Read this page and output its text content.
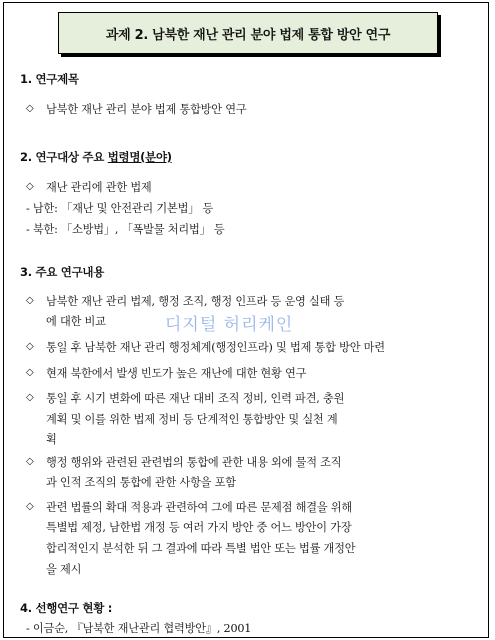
과제 2. 남북한 재난 관리 분야 법제 통합 방안 연구
1. 연구제목
◇ 남북한 재난 관리 분야 법제 통합방안 연구
2. 연구대상 주요 법령명(분야)
◇ 재난 관리에 관한 법제
- 남한: 「재난 및 안전관리 기본법」 등
- 북한: 「소방법」, 「폭발물 처리법」 등
3. 주요 연구내용
◇ 남북한 재난 관리 법제, 행정 조직, 행정 인프라 등 운영 실태 등
에 대한 비교	디지털 허리케인
◇ 통일 후 남북한 재난 관리 행정체계(행정인프라) 및 법제 통합 방안 마련
◇ 현재 북한에서 발생 빈도가 높은 재난에 대한 현황 연구
◇ 통일 후 시기 변화에 따른 재난 대비 조직 정비, 인력 파견, 충원
계획 및 이를 위한 법제 정비 등 단계적인 통합방안 및 실천 계
획
◇ 행정 행위와 관련된 관련법의 통합에 관한 내용 외에 물적 조직
과 인적 조직의 통합에 관한 사항을 포함
◇ 관련 법률의 확대 적용과 관련하여 그에 따른 문제점 해결을 위해
특별법 제정, 남한법 개정 등 여러 가지 방안 중 어느 방안이 가장
합리적인지 분석한 뒤 그 결과에 따라 특별 법안 또는 법률 개정안
을 제시
4. 선행연구 현황 :
- 이금순, 『남북한 재난관리 협력방안』, 2001
